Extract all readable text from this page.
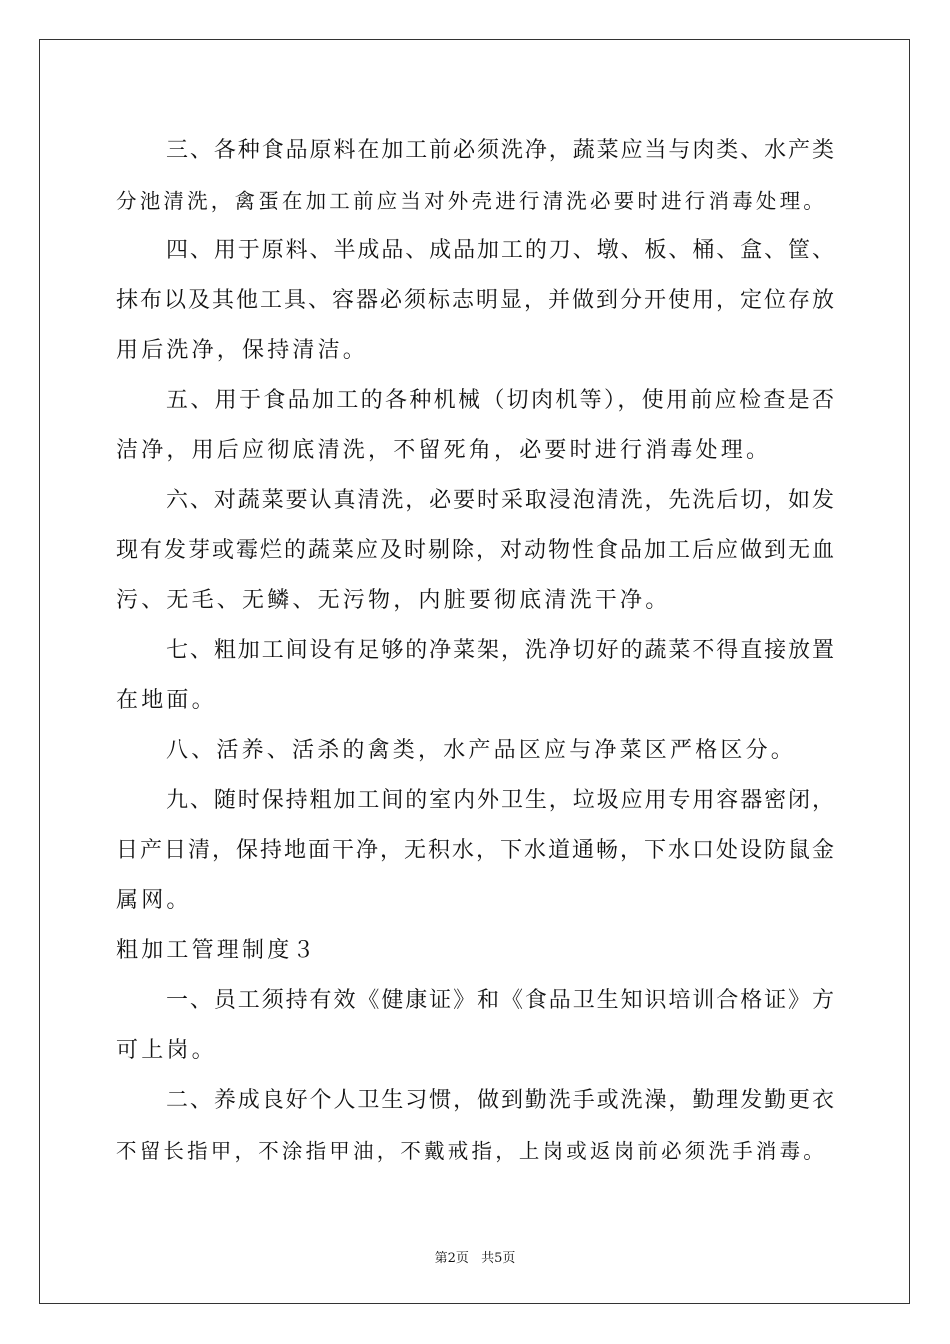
三、各种食品原料在加工前必须洗净，蔬菜应当与肉类、水产类
分池清洗，禽蛋在加工前应当对外壳进行清洗必要时进行消毒处理。
四、用于原料、半成品、成品加工的刀、墩、板、桶、盒、筐、
抹布以及其他工具、容器必须标志明显，并做到分开使用，定位存放
用后洗净，保持清洁。
五、用于食品加工的各种机械（切肉机等），使用前应检查是否
洁净，用后应彻底清洗，不留死角，必要时进行消毒处理。
六、对蔬菜要认真清洗，必要时采取浸泡清洗，先洗后切，如发
现有发芽或霉烂的蔬菜应及时剔除，对动物性食品加工后应做到无血
污、无毛、无鳞、无污物，内脏要彻底清洗干净。
七、粗加工间设有足够的净菜架，洗净切好的蔬菜不得直接放置
在地面。
八、活养、活杀的禽类，水产品区应与净菜区严格区分。
九、随时保持粗加工间的室内外卫生，垃圾应用专用容器密闭，
日产日清，保持地面干净，无积水，下水道通畅，下水口处设防鼠金
属网。
粗加工管理制度３
一、员工须持有效《健康证》和《食品卫生知识培训合格证》方
可上岗。
二、养成良好个人卫生习惯，做到勤洗手或洗澡，勤理发勤更衣
不留长指甲，不涂指甲油，不戴戒指，上岗或返岗前必须洗手消毒。
第2页 共5页
